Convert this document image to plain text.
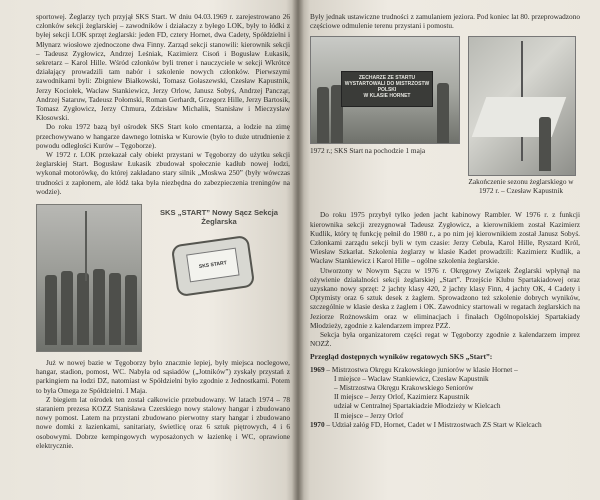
sportowej. Żeglarzy tych przyjął SKS Start. W dniu 04.03.1969 r. zarejestrowano 26 członków sekcji żeglarskiej – zawodników i działaczy z byłego LOK, były to łódki z byłej sekcji LOK sprzęt żeglarski: jeden FD, cztery Hornet, dwa Cadety, Spółdzielni i Młynarz wiosłowe zjednoczone dwa Finny. Zarząd sekcji stanowili: kierownik sekcji – Tadeusz Zygłowicz, Andrzej Leśniak, Kazimierz Cisoń i Bogusław Łukasik, sekretarz – Karol Hille. Wśród członków byli trener i nauczyciele w sekcji Wkrótce działający prowadzili tam nabór i szkolenie nowych członków. Pierwszymi zawodnikami byli: Zbigniew Białkowski, Tomasz Gołaszewski, Czesław Kapustnik, Jerzy Kociołek, Wacław Stankiewicz, Jerzy Orlow, Janusz Sobyś, Andrzej Pancząr, Andrzej Sataruw, Tadeusz Połomski, Roman Gerhardt, Grzegorz Hille, Jerzy Bartosik, Tomasz Zygłowicz, Jerzy Chmura, Zdzisław Michalik, Stanisław i Mieczysław Kłosowski.

Do roku 1972 bazą był ośrodek SKS Start koło cmentarza, a łodzie na zimę przechowywano w hangarze dawnego lotniska w Kurowie (było to duże utrudnienie z powodu odległości Kurów – Tęgoborze).

W 1972 r. LOK przekazał cały obiekt przystani w Tęgoborzy do użytku sekcji żeglarskiej Start. Bogusław Łukasik zbudował społecznie kadłub nowej łodzi, wykonał motorówkę, do której zakładano stary silnik „Moskwa 250” (były wówczas trudności z zapłonem, ale łódź taka była niezbędna do zabezpieczenia treningów na wodzie).

SKS „START” Nowy Sącz Sekcja Żeglarska
SKS START

Już w nowej bazie w Tęgoborzy było znacznie lepiej, były miejsca noclegowe, hangar, stadion, pomost, WC. Nabyła od sąsiadów („Jotników”) zyskały przystań z parkingiem na łodzi DZ, natomiast w Spółdzielni było zgodnie z Jednostkami. Potem to była Omega ze Spółdzielni. I Maja.

Z biegiem lat ośrodek ten został całkowicie przebudowany. W latach 1974 – 78 staraniem prezesa KOZZ Stanisława Czerskiego nowy stalowy hangar i zbudowano nowy pomost. Latem na przystani zbudowano pierwotny stary hangar i zbudowano nowe domki z łazienkami, sanitariaty, świetlicę oraz 6 sztuk piętrowych, 4 i 6 osobowymi. Dobrze kempingowych wyposażonych w łazienkę i WC, oprawione elektrycznie.

Były jednak ustawiczne trudności z zamulaniem jeziora. Pod koniec lat 80. przeprowadzono częściowe odmulenie terenu przystani i pomostu.

ZECHARZE ZE STARTU
WYSTARTOWALI DO MISTRZOSTW POLSKI
W KLASIE HORNET
1972 r.; SKS Start na pochodzie 1 maja
Zakończenie sezonu żeglarskiego w 1972 r. – Czesław Kapustnik

Do roku 1975 przybył tylko jeden jacht kabinowy Rambler. W 1976 r. z funkcji kierownika sekcji zrezygnował Tadeusz Zygłowicz, a kierownikiem został Kazimierz Kudlik, który tę funkcję pełnił do 1980 r., a po nim jej kierownikiem został Janusz Sobyś. Członkami zarządu sekcji byli w tym czasie: Jerzy Cebula, Karol Hille, Ryszard Król, Wiesław Szkarłat. Szkolenia żeglarzy w klasie Kadet prowadzili: Kazimierz Kudlik, a Wacław Stankiewicz i Karol Hille – ogólne szkolenia żeglarskie.

Utworzony w Nowym Sączu w 1976 r. Okręgowy Związek Żeglarski wpłynął na ożywienie działalności sekcji żeglarskiej „Start”. Przejście Klubu Spartakiadowej oraz uzyskano nowy sprzęt: 2 jachty klasy 420, 2 jachty klasy Finn, 4 jachty OK, 4 Cadety i Optymisty oraz 6 sztuk desek z żaglem. Sprowadzono też szkolenie dobrych wyników, szczególnie w klasie deska z żaglem i OK. Zawodnicy startowali w regatach żeglarskich na Jeziorze Rożnowskim oraz w eliminacjach i finałach Ogólnopolskiej Spartakiady Młodzieży, zgodnie z kalendarzem imprez PZŻ.

Sekcja była organizatorem części regat w Tęgoborzy zgodnie z kalendarzem imprez NOZŻ.

Przegląd dostępnych wyników regatowych SKS „Start”:

1969 – Mistrzostwa Okręgu Krakowskiego juniorów w klasie Hornet –

I miejsce – Wacław Stankiewicz, Czesław Kapustnik

– Mistrzostwa Okręgu Krakowskiego Seniorów

II miejsce – Jerzy Orlof, Kazimierz Kapustnik

udział w Centralnej Spartakiadzie Młodzieży w Kielcach

II miejsce – Jerzy Orlof

1970 – Udział załóg FD, Hornet, Cadet w I Mistrzostwach ZS Start w Kielcach
